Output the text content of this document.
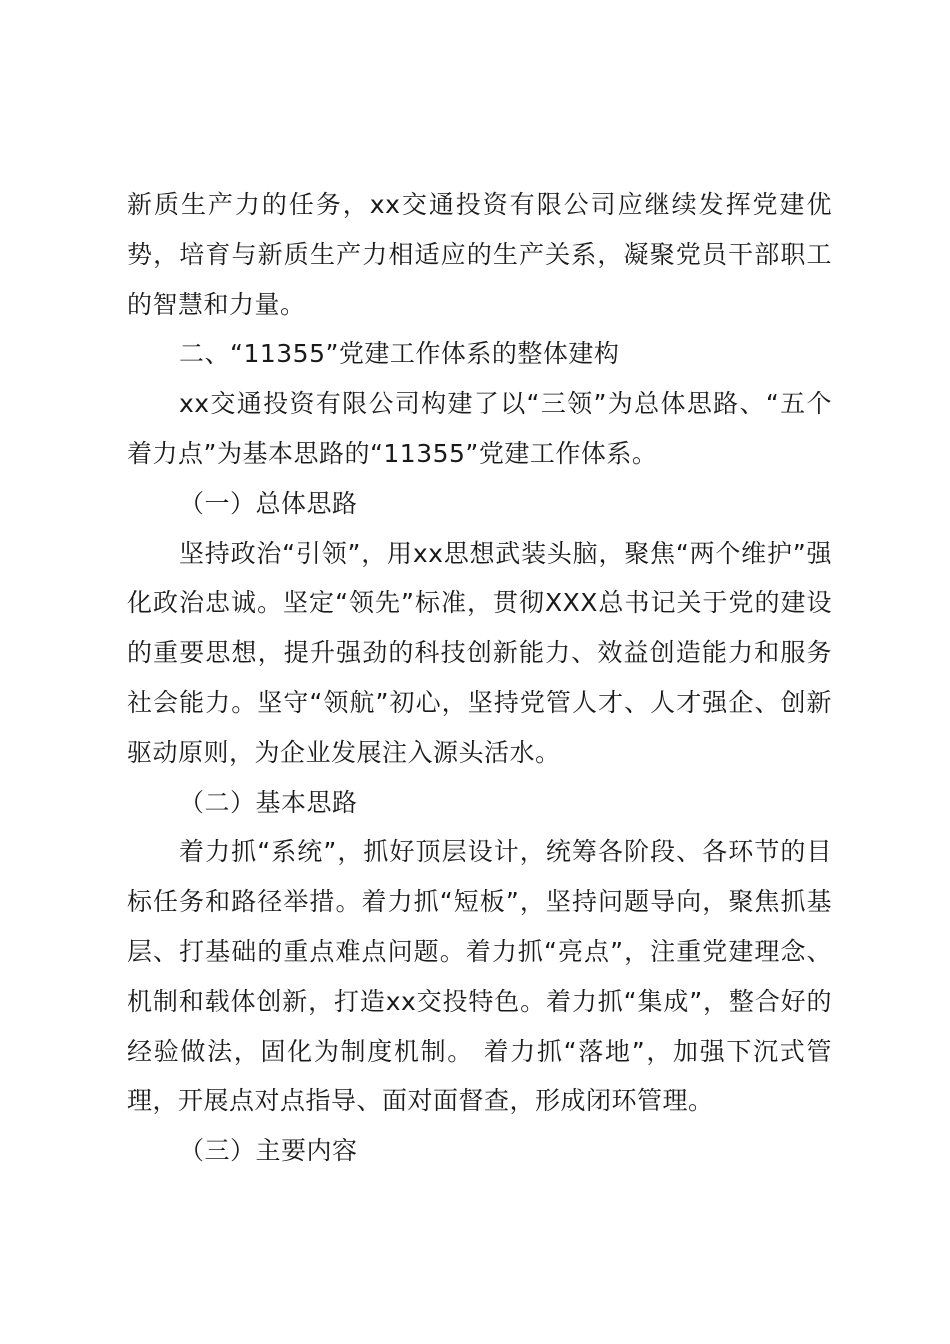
新质生产力的任务，xx交通投资有限公司应继续发挥党建优势，培育与新质生产力相适应的生产关系，凝聚党员干部职工的智慧和力量。

二、“11355”党建工作体系的整体建构

xx交通投资有限公司构建了以“三领”为总体思路、“五个着力点”为基本思路的“11355”党建工作体系。

（一）总体思路

坚持政治“引领”，用xx思想武装头脑，聚焦“两个维护”强化政治忠诚。坚定“领先”标准，贯彻XXX总书记关于党的建设的重要思想，提升强劲的科技创新能力、效益创造能力和服务社会能力。坚守“领航”初心，坚持党管人才、人才强企、创新驱动原则，为企业发展注入源头活水。

（二）基本思路

着力抓“系统”，抓好顶层设计，统筹各阶段、各环节的目标任务和路径举措。着力抓“短板”，坚持问题导向，聚焦抓基层、打基础的重点难点问题。着力抓“亮点”，注重党建理念、机制和载体创新，打造xx交投特色。着力抓“集成”，整合好的经验做法，固化为制度机制。 着力抓“落地”，加强下沉式管理，开展点对点指导、面对面督查，形成闭环管理。

（三）主要内容
